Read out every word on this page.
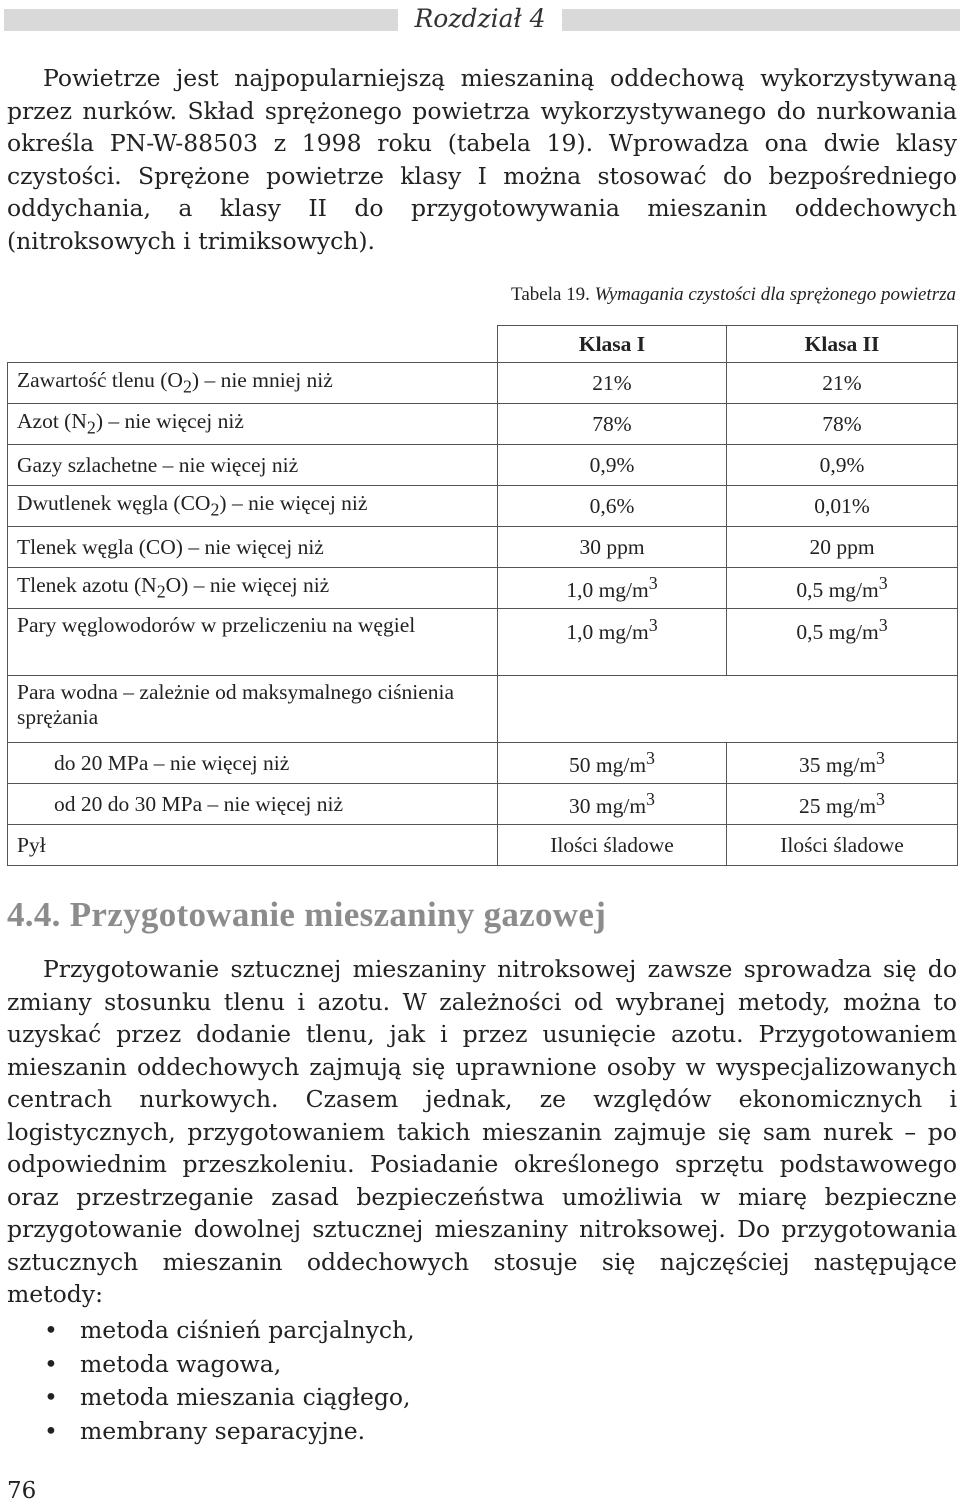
Rozdział 4

Powietrze jest najpopularniejszą mieszaniną oddechową wykorzystywaną przez nurków. Skład sprężonego powietrza wykorzystywanego do nurkowania określa PN-W-88503 z 1998 roku (tabela 19). Wprowadza ona dwie klasy czystości. Sprężone powietrze klasy I można stosować do bezpośredniego oddychania, a klasy II do przygotowywania mieszanin oddechowych (nitroksowych i trimiksowych).

Tabela 19. Wymagania czystości dla sprężonego powietrza
	Klasa I	Klasa II
Zawartość tlenu $(O_2)$ – nie mniej niż	21%	21%
Azot $(N_2)$ – nie więcej niż	78%	78%
Gazy szlachetne – nie więcej niż	0,9%	0,9%
Dwutlenek węgla $(CO_2)$ – nie więcej niż	0,6%	0,01%
Tlenek węgla (CO) – nie więcej niż	30 ppm	20 ppm
Tlenek azotu $(N_2O)$ – nie więcej niż	1,0 $mg/m^3$	0,5 $mg/m^3$
Pary węglowodorów w przeliczeniu na węgiel	1,0 $mg/m^3$	0,5 $mg/m^3$
Para wodna – zależnie od maksymalnego ciśnienia sprężania		
do 20 MPa – nie więcej niż	50 $mg/m^3$	35 $mg/m^3$
od 20 do 30 MPa – nie więcej niż	30 $mg/m^3$	25 $mg/m^3$
Pył	Ilości śladowe	Ilości śladowe
4.4. Przygotowanie mieszaniny gazowej

Przygotowanie sztucznej mieszaniny nitroksowej zawsze sprowadza się do zmiany stosunku tlenu i azotu. W zależności od wybranej metody, można to uzyskać przez dodanie tlenu, jak i przez usunięcie azotu. Przygotowaniem mieszanin oddechowych zajmują się uprawnione osoby w wyspecjalizowanych centrach nurkowych. Czasem jednak, ze względów ekonomicznych i logistycznych, przygotowaniem takich mieszanin zajmuje się sam nurek – po odpowiednim przeszkoleniu. Posiadanie określonego sprzętu podstawowego oraz przestrzeganie zasad bezpieczeństwa umożliwia w miarę bezpieczne przygotowanie dowolnej sztucznej mieszaniny nitroksowej. Do przygotowania sztucznych mieszanin oddechowych stosuje się najczęściej następujące metody:

• metoda ciśnień parcjalnych,
• metoda wagowa,
• metoda mieszania ciągłego,
• membrany separacyjne.
76
